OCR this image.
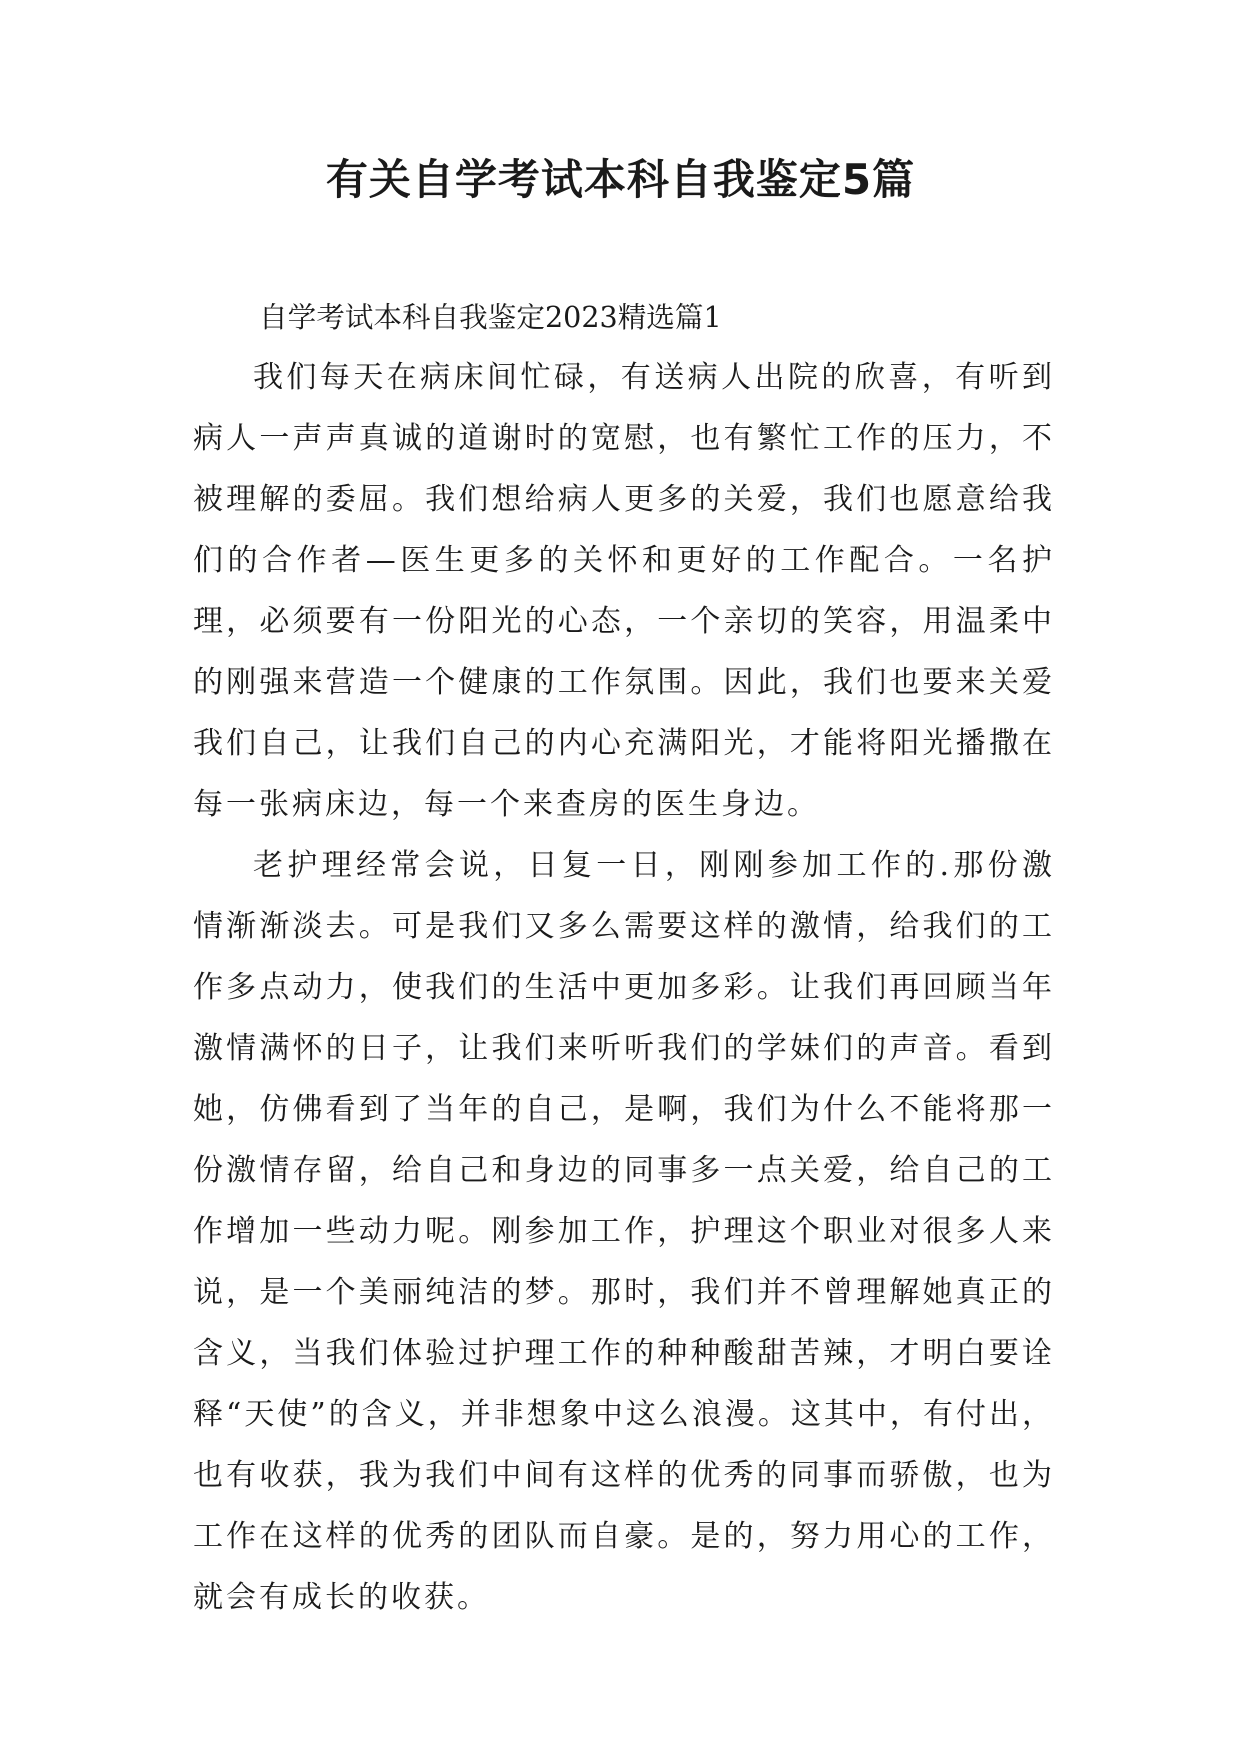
有关自学考试本科自我鉴定5篇

自学考试本科自我鉴定2023精选篇1

我们每天在病床间忙碌，有送病人出院的欣喜，有听到病人一声声真诚的道谢时的宽慰，也有繁忙工作的压力，不被理解的委屈。我们想给病人更多的关爱，我们也愿意给我们的合作者—医生更多的关怀和更好的工作配合。一名护理，必须要有一份阳光的心态，一个亲切的笑容，用温柔中的刚强来营造一个健康的工作氛围。因此，我们也要来关爱我们自己，让我们自己的内心充满阳光，才能将阳光播撒在每一张病床边，每一个来查房的医生身边。

老护理经常会说，日复一日，刚刚参加工作的.那份激情渐渐淡去。可是我们又多么需要这样的激情，给我们的工作多点动力，使我们的生活中更加多彩。让我们再回顾当年激情满怀的日子，让我们来听听我们的学妹们的声音。看到她，仿佛看到了当年的自己，是啊，我们为什么不能将那一份激情存留，给自己和身边的同事多一点关爱，给自己的工作增加一些动力呢。刚参加工作，护理这个职业对很多人来说，是一个美丽纯洁的梦。那时，我们并不曾理解她真正的含义，当我们体验过护理工作的种种酸甜苦辣，才明白要诠释“天使”的含义，并非想象中这么浪漫。这其中，有付出，也有收获，我为我们中间有这样的优秀的同事而骄傲，也为工作在这样的优秀的团队而自豪。是的，努力用心的工作，就会有成长的收获。
